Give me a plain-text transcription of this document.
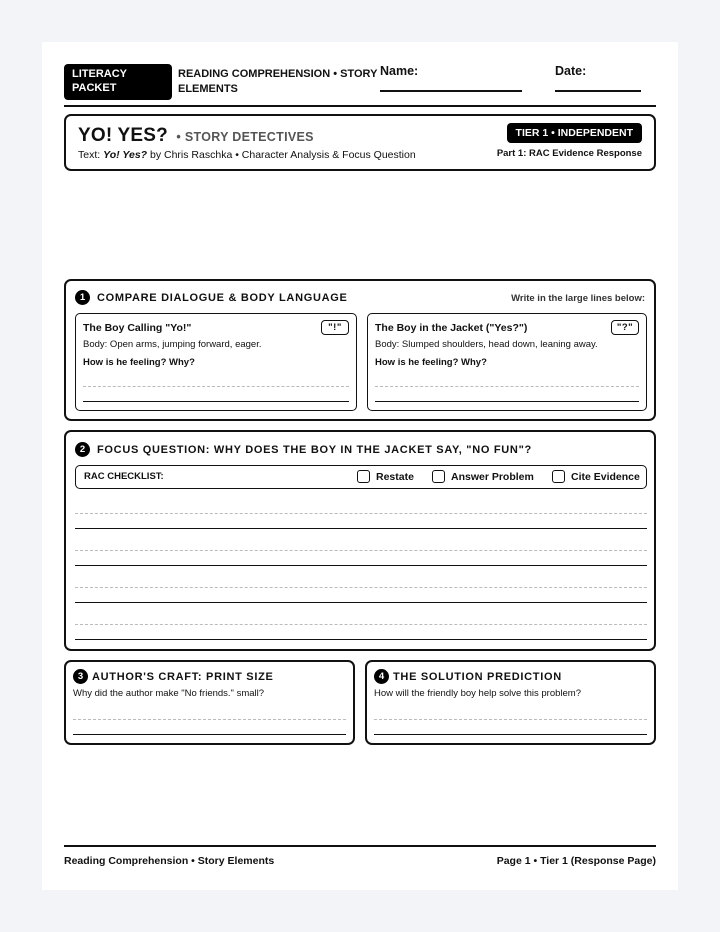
LITERACY
PACKET
READING COMPREHENSION • STORY
ELEMENTS
Name:	Date:
YO! YES? • STORY DETECTIVES
Text: Yo! Yes? by Chris Raschka • Character Analysis & Focus Question
TIER 1 • INDEPENDENT
Part 1: RAC Evidence Response
1	COMPARE DIALOGUE & BODY LANGUAGE	Write in the large lines below:
The Boy Calling "Yo!"	"!"
Body: Open arms, jumping forward, eager.
How is he feeling? Why?
The Boy in the Jacket ("Yes?")	"?"
Body: Slumped shoulders, head down, leaning away.
How is he feeling? Why?
2	FOCUS QUESTION: WHY DOES THE BOY IN THE JACKET SAY, "NO FUN"?
RAC CHECKLIST:	Restate	Answer Problem	Cite Evidence
3 AUTHOR'S CRAFT: PRINT SIZE
Why did the author make "No friends." small?
4 THE SOLUTION PREDICTION
How will the friendly boy help solve this problem?
Reading Comprehension • Story Elements	Page 1 • Tier 1 (Response Page)
